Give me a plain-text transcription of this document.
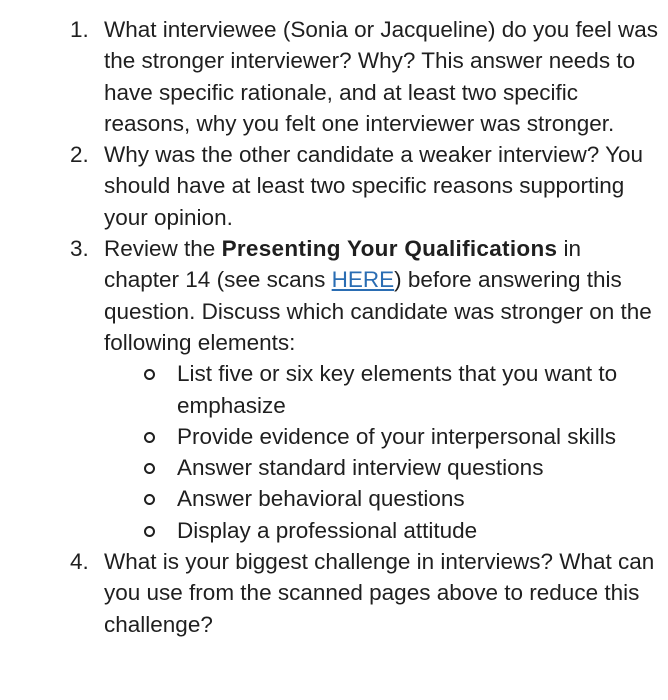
1. What interviewee (Sonia or Jacqueline) do you feel was the stronger interviewer? Why? This answer needs to have specific rationale, and at least two specific reasons, why you felt one interviewer was stronger.
2. Why was the other candidate a weaker interview? You should have at least two specific reasons supporting your opinion.
3. Review the Presenting Your Qualifications in chapter 14 (see scans HERE) before answering this question. Discuss which candidate was stronger on the following elements:
List five or six key elements that you want to emphasize
Provide evidence of your interpersonal skills
Answer standard interview questions
Answer behavioral questions
Display a professional attitude
4. What is your biggest challenge in interviews? What can you use from the scanned pages above to reduce this challenge?
